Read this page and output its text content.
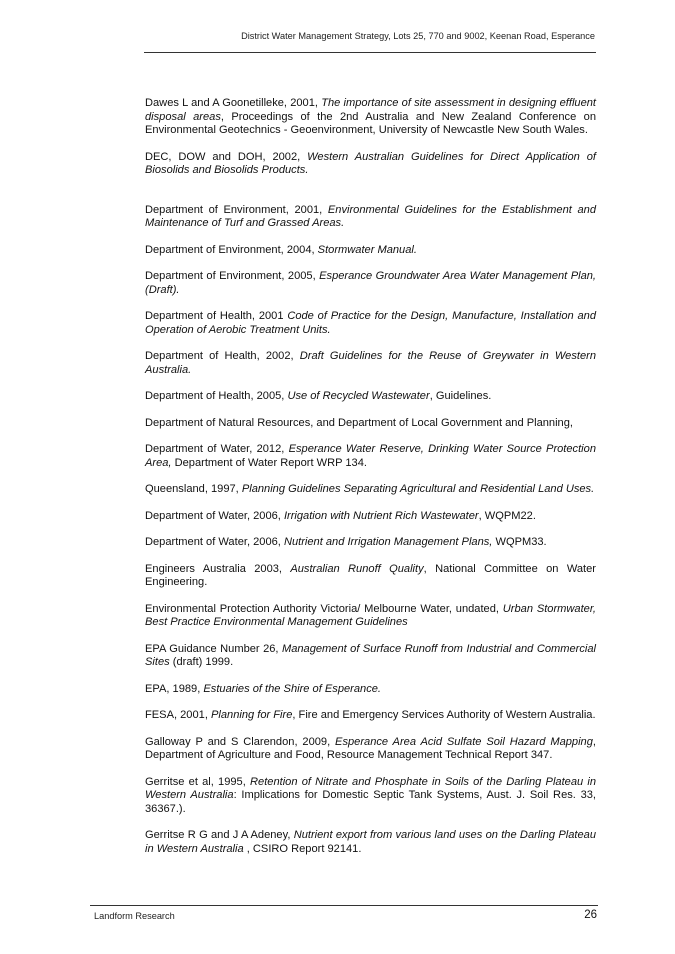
District Water Management Strategy, Lots 25, 770 and 9002, Keenan Road, Esperance

Dawes L and A Goonetilleke, 2001, The importance of site assessment in designing effluent disposal areas, Proceedings of the 2nd Australia and New Zealand Conference on Environmental Geotechnics - Geoenvironment, University of Newcastle New South Wales.

DEC, DOW and DOH, 2002, Western Australian Guidelines for Direct Application of Biosolids and Biosolids Products.

Department of Environment, 2001, Environmental Guidelines for the Establishment and Maintenance of Turf and Grassed Areas.

Department of Environment, 2004, Stormwater Manual.

Department of Environment, 2005, Esperance Groundwater Area Water Management Plan, (Draft).

Department of Health, 2001 Code of Practice for the Design, Manufacture, Installation and Operation of Aerobic Treatment Units.

Department of Health, 2002, Draft Guidelines for the Reuse of Greywater in Western Australia.

Department of Health, 2005, Use of Recycled Wastewater, Guidelines.

Department of Natural Resources, and Department of Local Government and Planning,

Department of Water, 2012, Esperance Water Reserve, Drinking Water Source Protection Area, Department of Water Report WRP 134.

Queensland, 1997, Planning Guidelines Separating Agricultural and Residential Land Uses.

Department of Water, 2006, Irrigation with Nutrient Rich Wastewater, WQPM22.

Department of Water, 2006, Nutrient and Irrigation Management Plans, WQPM33.

Engineers Australia 2003, Australian Runoff Quality, National Committee on Water Engineering.

Environmental Protection Authority Victoria/ Melbourne Water, undated, Urban Stormwater, Best Practice Environmental Management Guidelines

EPA Guidance Number 26, Management of Surface Runoff from Industrial and Commercial Sites (draft) 1999.

EPA, 1989, Estuaries of the Shire of Esperance.

FESA, 2001, Planning for Fire, Fire and Emergency Services Authority of Western Australia.

Galloway P and S Clarendon, 2009, Esperance Area Acid Sulfate Soil Hazard Mapping, Department of Agriculture and Food, Resource Management Technical Report 347.

Gerritse et al, 1995, Retention of Nitrate and Phosphate in Soils of the Darling Plateau in Western Australia: Implications for Domestic Septic Tank Systems, Aust. J. Soil Res. 33, 36367.).

Gerritse R G and J A Adeney, Nutrient export from various land uses on the Darling Plateau in Western Australia , CSIRO Report 92141.

Landform Research	26
